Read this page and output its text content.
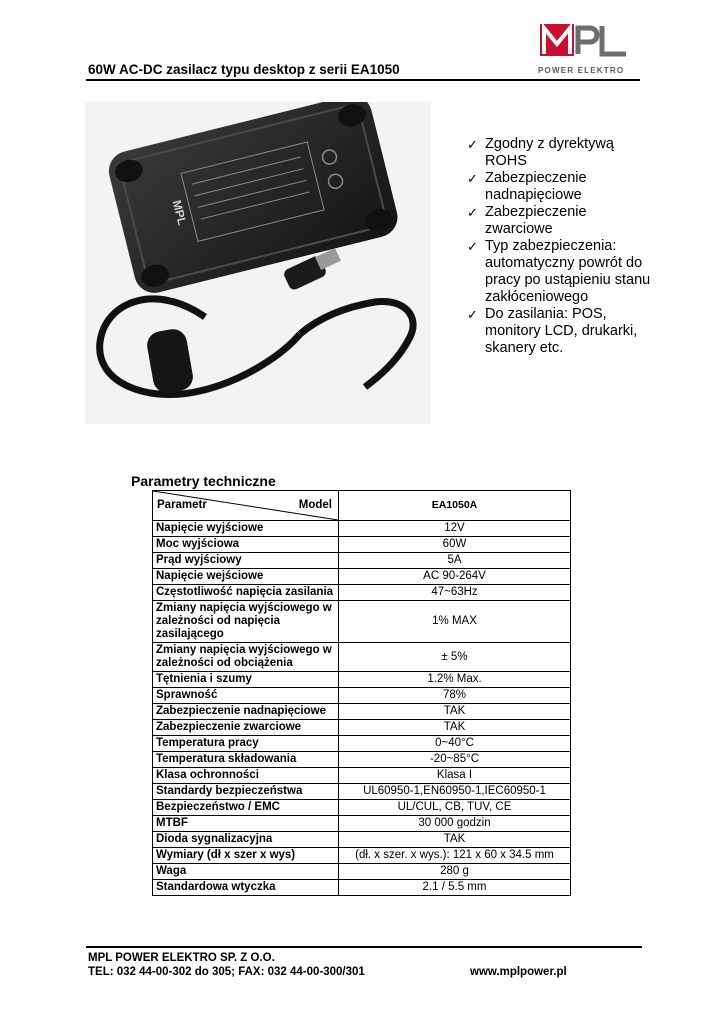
60W AC-DC zasilacz typu desktop z serii EA1050	POWER ELEKTRO
MPL
✓ Zgodny z dyrektywą ROHS
✓ Zabezpieczenie nadnapięciowe
✓ Zabezpieczenie zwarciowe
✓ Typ zabezpieczenia: automatyczny powrót do pracy po ustąpieniu stanu zakłóceniowego
✓ Do zasilania: POS, monitory LCD, drukarki, skanery etc.
Parametry techniczne
Parametr Model	EA1050A
Napięcie wyjściowe	12V
Moc wyjściowa	60W
Prąd wyjściowy	5A
Napięcie wejściowe	AC 90-264V
Częstotliwość napięcia zasilania	47~63Hz
Zmiany napięcia wyjściowego w zależności od napięcia zasilającego	1% MAX
Zmiany napięcia wyjściowego w zależności od obciążenia	± 5%
Tętnienia i szumy	1.2% Max.
Sprawność	78%
Zabezpieczenie nadnapięciowe	TAK
Zabezpieczenie zwarciowe	TAK
Temperatura pracy	0~40°C
Temperatura składowania	-20~85°C
Klasa ochronności	Klasa I
Standardy bezpieczeństwa	UL60950-1,EN60950-1,IEC60950-1
Bezpieczeństwo / EMC	UL/CUL, CB, TUV, CE
MTBF	30 000 godzin
Dioda sygnalizacyjna	TAK
Wymiary (dł x szer x wys)	(dł. x szer. x wys.): 121 x 60 x 34.5 mm
Waga	280 g
Standardowa wtyczka	2.1 / 5.5 mm
MPL POWER ELEKTRO SP. Z O.O.
TEL: 032 44-00-302 do 305; FAX: 032 44-00-300/301	www.mplpower.pl
